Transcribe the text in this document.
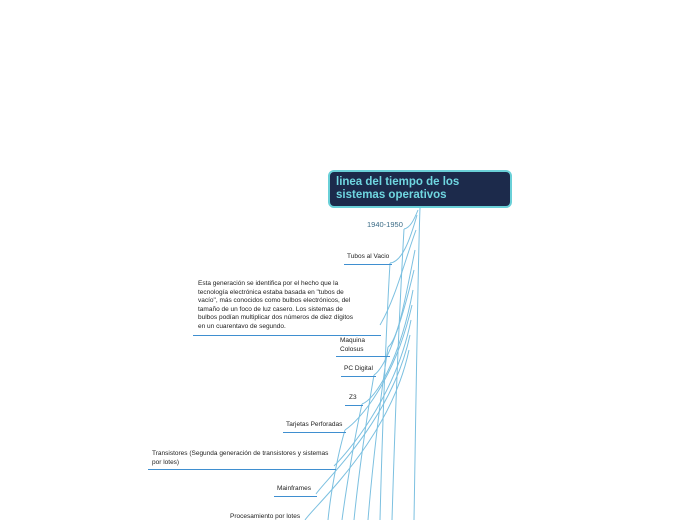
linea del tiempo de los sistemas operativos
1940-1950
Tubos al Vacio
Esta generación se identifica por el hecho que la tecnología electrónica estaba basada en "tubos de vacío", más conocidos como bulbos electrónicos, del tamaño de un foco de luz casero. Los sistemas de bulbos podían multiplicar dos números de diez dígitos en un cuarentavo de segundo.
Maquina Colosus
PC Digital
Z3
Tarjetas Perforadas
Transistores (Segunda generación de transistores y sistemas por lotes)
Mainframes
Procesamiento por lotes
